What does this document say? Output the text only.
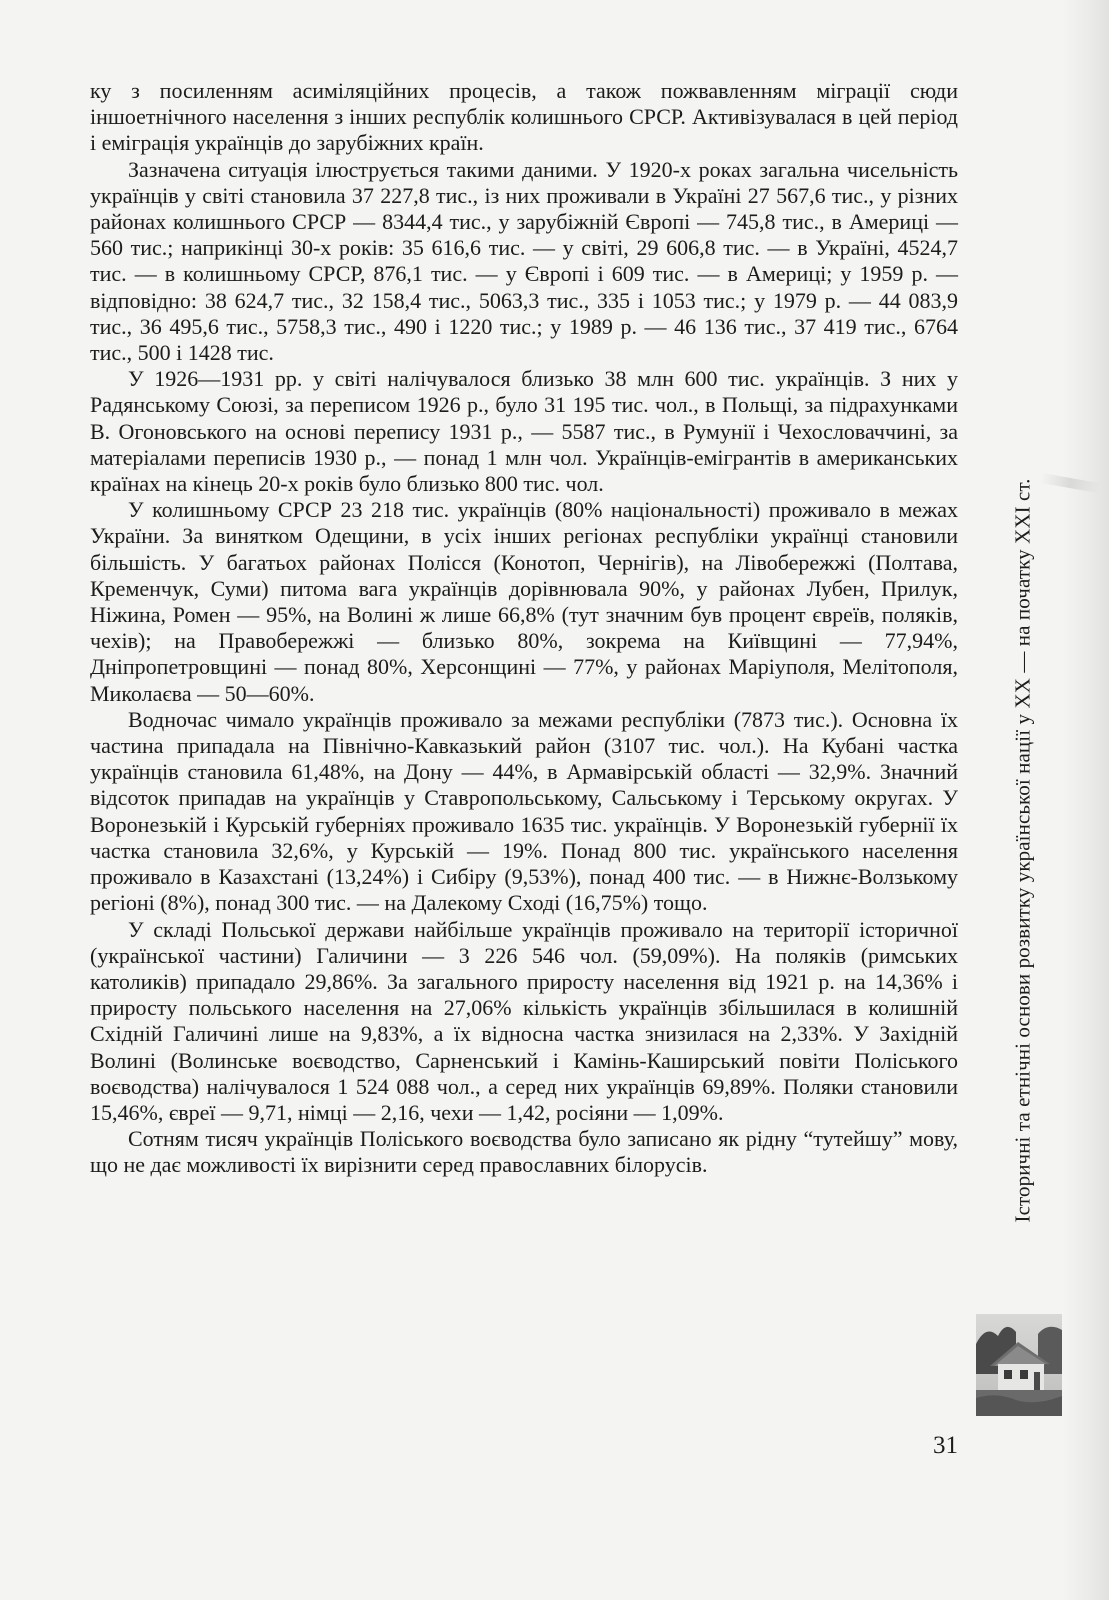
ку з посиленням асиміляційних процесів, а також пожвавленням міграції сюди іншоетнічного населення з інших республік колишнього СРСР. Активізувалася в цей період і еміграція українців до зарубіжних країн.

Зазначена ситуація ілюструється такими даними. У 1920-х роках загальна чисельність українців у світі становила 37 227,8 тис., із них проживали в Україні 27 567,6 тис., у різних районах колишнього СРСР — 8344,4 тис., у зарубіжній Європі — 745,8 тис., в Америці — 560 тис.; наприкінці 30-х років: 35 616,6 тис. — у світі, 29 606,8 тис. — в Україні, 4524,7 тис. — в колишньому СРСР, 876,1 тис. — у Європі і 609 тис. — в Америці; у 1959 р. — відповідно: 38 624,7 тис., 32 158,4 тис., 5063,3 тис., 335 і 1053 тис.; у 1979 р. — 44 083,9 тис., 36 495,6 тис., 5758,3 тис., 490 і 1220 тис.; у 1989 р. — 46 136 тис., 37 419 тис., 6764 тис., 500 і 1428 тис.

У 1926—1931 рр. у світі налічувалося близько 38 млн 600 тис. українців. З них у Радянському Союзі, за переписом 1926 р., було 31 195 тис. чол., в Польщі, за підрахунками В. Огоновського на основі перепису 1931 р., — 5587 тис., в Румунії і Чехословаччині, за матеріалами переписів 1930 р., — понад 1 млн чол. Українців-емігрантів в американських країнах на кінець 20-х років було близько 800 тис. чол.

У колишньому СРСР 23 218 тис. українців (80% національності) проживало в межах України. За винятком Одещини, в усіх інших регіонах республіки українці становили більшість. У багатьох районах Полісся (Конотоп, Чернігів), на Лівобережжі (Полтава, Кременчук, Суми) питома вага українців дорівнювала 90%, у районах Лубен, Прилук, Ніжина, Ромен — 95%, на Волині ж лише 66,8% (тут значним був процент євреїв, поляків, чехів); на Правобережжі — близько 80%, зокрема на Київщині — 77,94%, Дніпропетровщині — понад 80%, Херсонщині — 77%, у районах Маріуполя, Мелітополя, Миколаєва — 50—60%.

Водночас чимало українців проживало за межами республіки (7873 тис.). Основна їх частина припадала на Північно-Кавказький район (3107 тис. чол.). На Кубані частка українців становила 61,48%, на Дону — 44%, в Армавірській області — 32,9%. Значний відсоток припадав на українців у Ставропольському, Сальському і Терському округах. У Воронезькій і Курській губерніях проживало 1635 тис. українців. У Воронезькій губернії їх частка становила 32,6%, у Курській — 19%. Понад 800 тис. українського населення проживало в Казахстані (13,24%) і Сибіру (9,53%), понад 400 тис. — в Нижнє-Волзькому регіоні (8%), понад 300 тис. — на Далекому Сході (16,75%) тощо.

У складі Польської держави найбільше українців проживало на території історичної (української частини) Галичини — 3 226 546 чол. (59,09%). На поляків (римських католиків) припадало 29,86%. За загального приросту населення від 1921 р. на 14,36% і приросту польського населення на 27,06% кількість українців збільшилася в колишній Східній Галичині лише на 9,83%, а їх відносна частка знизилася на 2,33%. У Західній Волині (Волинське воєводство, Сарненський і Камінь-Каширський повіти Поліського воєводства) налічувалося 1 524 088 чол., а серед них українців 69,89%. Поляки становили 15,46%, євреї — 9,71, німці — 2,16, чехи — 1,42, росіяни — 1,09%.

Сотням тисяч українців Поліського воєводства було записано як рідну “тутейшу” мову, що не дає можливості їх вирізнити серед православних білорусів.	Історичні та етнічні основи розвитку української нації у ХХ — на початку ХХІ ст.
31
